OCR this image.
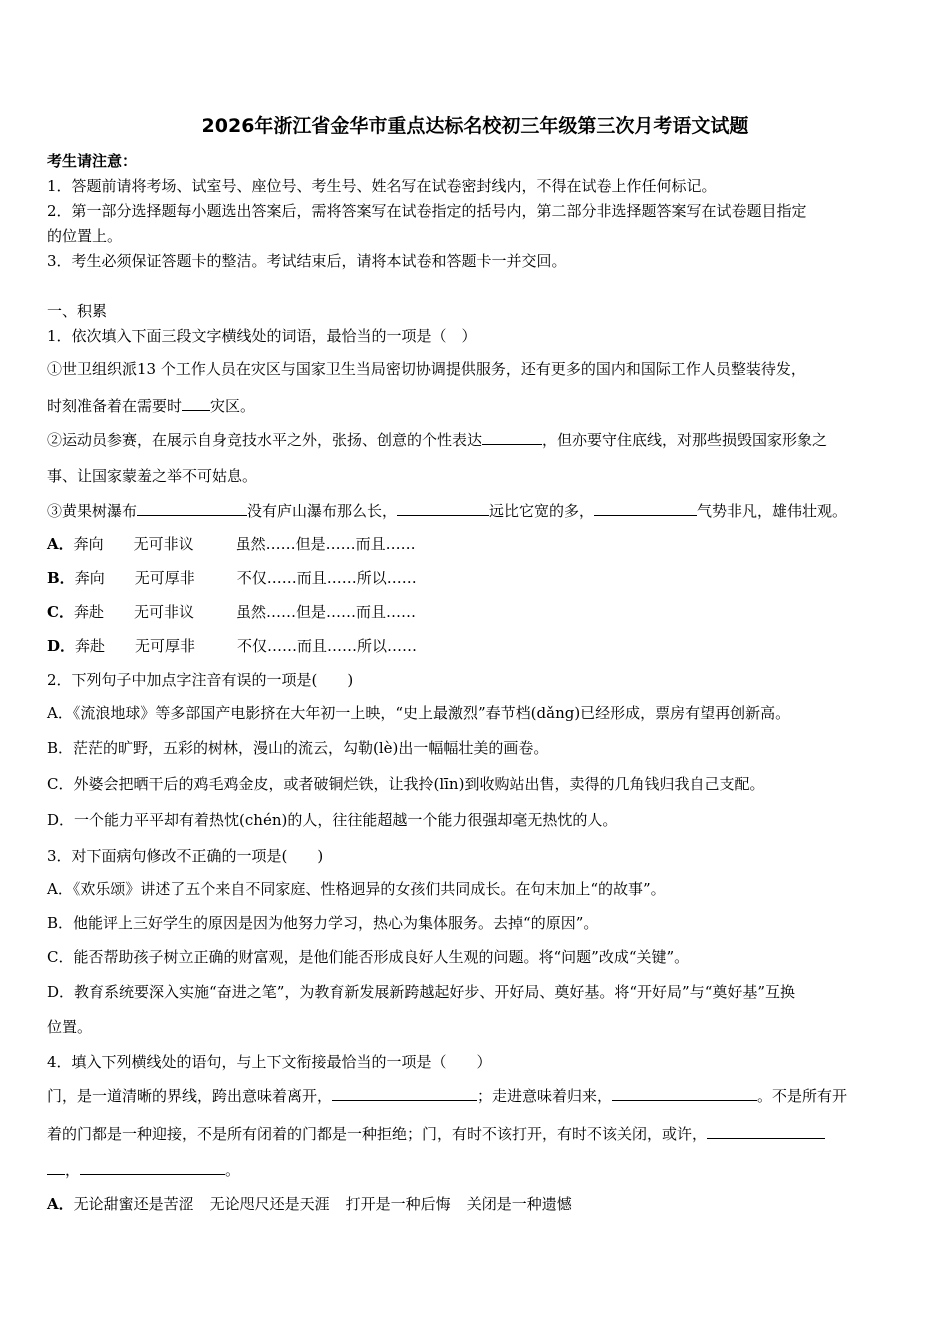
2026年浙江省金华市重点达标名校初三年级第三次月考语文试题
考生请注意：
1．答题前请将考场、试室号、座位号、考生号、姓名写在试卷密封线内，不得在试卷上作任何标记。
2．第一部分选择题每小题选出答案后，需将答案写在试卷指定的括号内，第二部分非选择题答案写在试卷题目指定
的位置上。
3．考生必须保证答题卡的整洁。考试结束后，请将本试卷和答题卡一并交回。
一、积累
1．依次填入下面三段文字横线处的词语，最恰当的一项是（　）
①世卫组织派13 个工作人员在灾区与国家卫生当局密切协调提供服务，还有更多的国内和国际工作人员整装待发，
时刻准备着在需要时 灾区。
②运动员参赛，在展示自身竞技水平之外，张扬、创意的个性表达	，但亦要守住底线，对那些损毁国家形象之
事、让国家蒙羞之举不可姑息。
③黄果树瀑布	没有庐山瀑布那么长，	远比它宽的多，	气势非凡，雄伟壮观。
A．奔向 无可非议	虽然……但是……而且……
B．奔向 无可厚非	不仅……而且……所以……
C．奔赴 无可非议	虽然……但是……而且……
D．奔赴 无可厚非	不仅……而且……所以……
2．下列句子中加点字注音有误的一项是(　　)
A．《流浪地球》等多部国产电影挤在大年初一上映，“史上最激烈”春节档(dǎng)已经形成，票房有望再创新高。
B．茫茫的旷野，五彩的树林，漫山的流云，勾勒(lè)出一幅幅壮美的画卷。
C．外婆会把晒干后的鸡毛鸡金皮，或者破铜烂铁，让我拎(līn)到收购站出售，卖得的几角钱归我自己支配。
D．一个能力平平却有着热忱(chén)的人，往往能超越一个能力很强却毫无热忱的人。
3．对下面病句修改不正确的一项是(　　)
A．《欢乐颂》讲述了五个来自不同家庭、性格迥异的女孩们共同成长。在句末加上“的故事”。
B．他能评上三好学生的原因是因为他努力学习，热心为集体服务。去掉“的原因”。
C．能否帮助孩子树立正确的财富观，是他们能否形成良好人生观的问题。将“问题”改成“关键”。
D．教育系统要深入实施“奋进之笔”，为教育新发展新跨越起好步、开好局、奠好基。将“开好局”与“奠好基”互换
位置。
4．填入下列横线处的语句，与上下文衔接最恰当的一项是（　　）
门，是一道清晰的界线，跨出意味着离开，	；走进意味着归来，	。不是所有开
着的门都是一种迎接，不是所有闭着的门都是一种拒绝；门，有时不该打开，有时不该关闭，或许，
，	。
A．无论甜蜜还是苦涩 无论咫尺还是天涯 打开是一种后悔 关闭是一种遗憾
